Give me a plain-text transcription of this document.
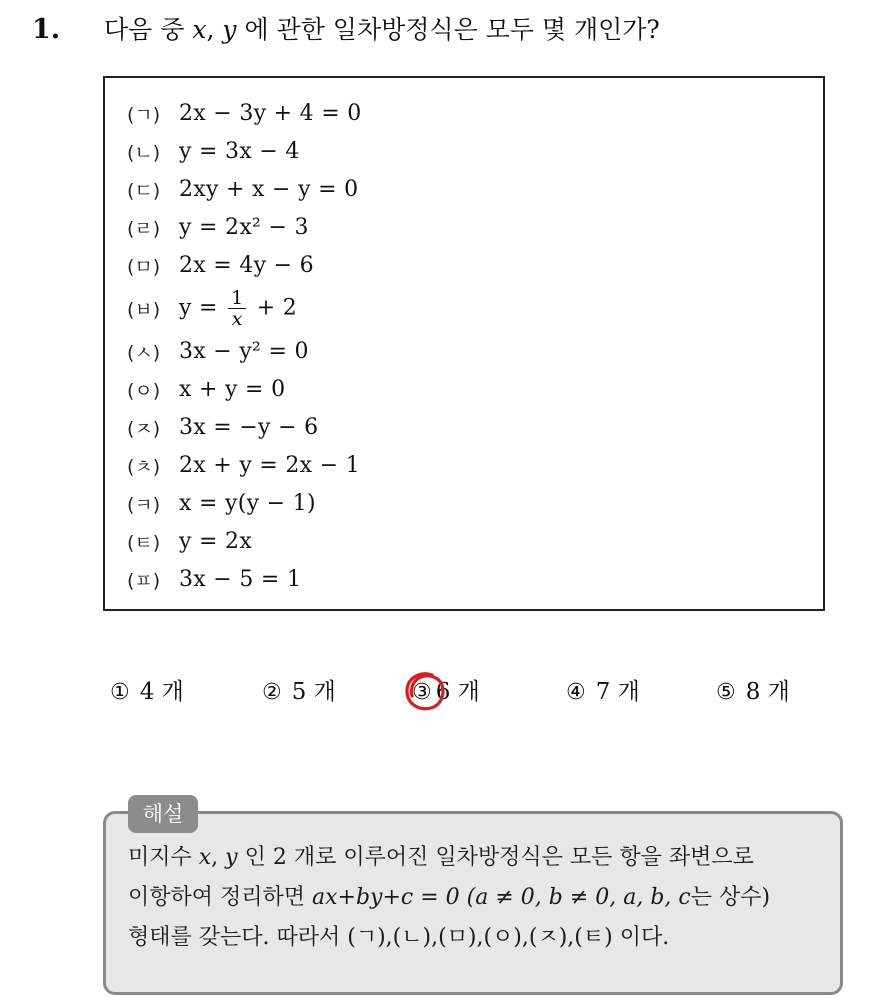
1. 다음 중 x, y 에 관한 일차방정식은 모두 몇 개인가?
(ㄱ) 2x − 3y + 4 = 0
(ㄴ) y = 3x − 4
(ㄷ) 2xy + x − y = 0
(ㄹ) y = 2x² − 3
(ㅁ) 2x = 4y − 6
(ㅂ) $y = \frac{1}{x} + 2$
(ㅅ) 3x − y² = 0
(ㅇ) x + y = 0
(ㅈ) 3x = −y − 6
(ㅊ) 2x + y = 2x − 1
(ㅋ) x = y(y − 1)
(ㅌ) y = 2x
(ㅍ) 3x − 5 = 1
① 4 개	② 5 개	③ 6 개	④ 7 개	⑤ 8 개
해설
미지수 x, y 인 2 개로 이루어진 일차방정식은 모든 항을 좌변으로
이항하여 정리하면 ax+by+c = 0 (a ≠ 0, b ≠ 0, a, b, c는 상수)
형태를 갖는다. 따라서 (ㄱ),(ㄴ),(ㅁ),(ㅇ),(ㅈ),(ㅌ) 이다.
